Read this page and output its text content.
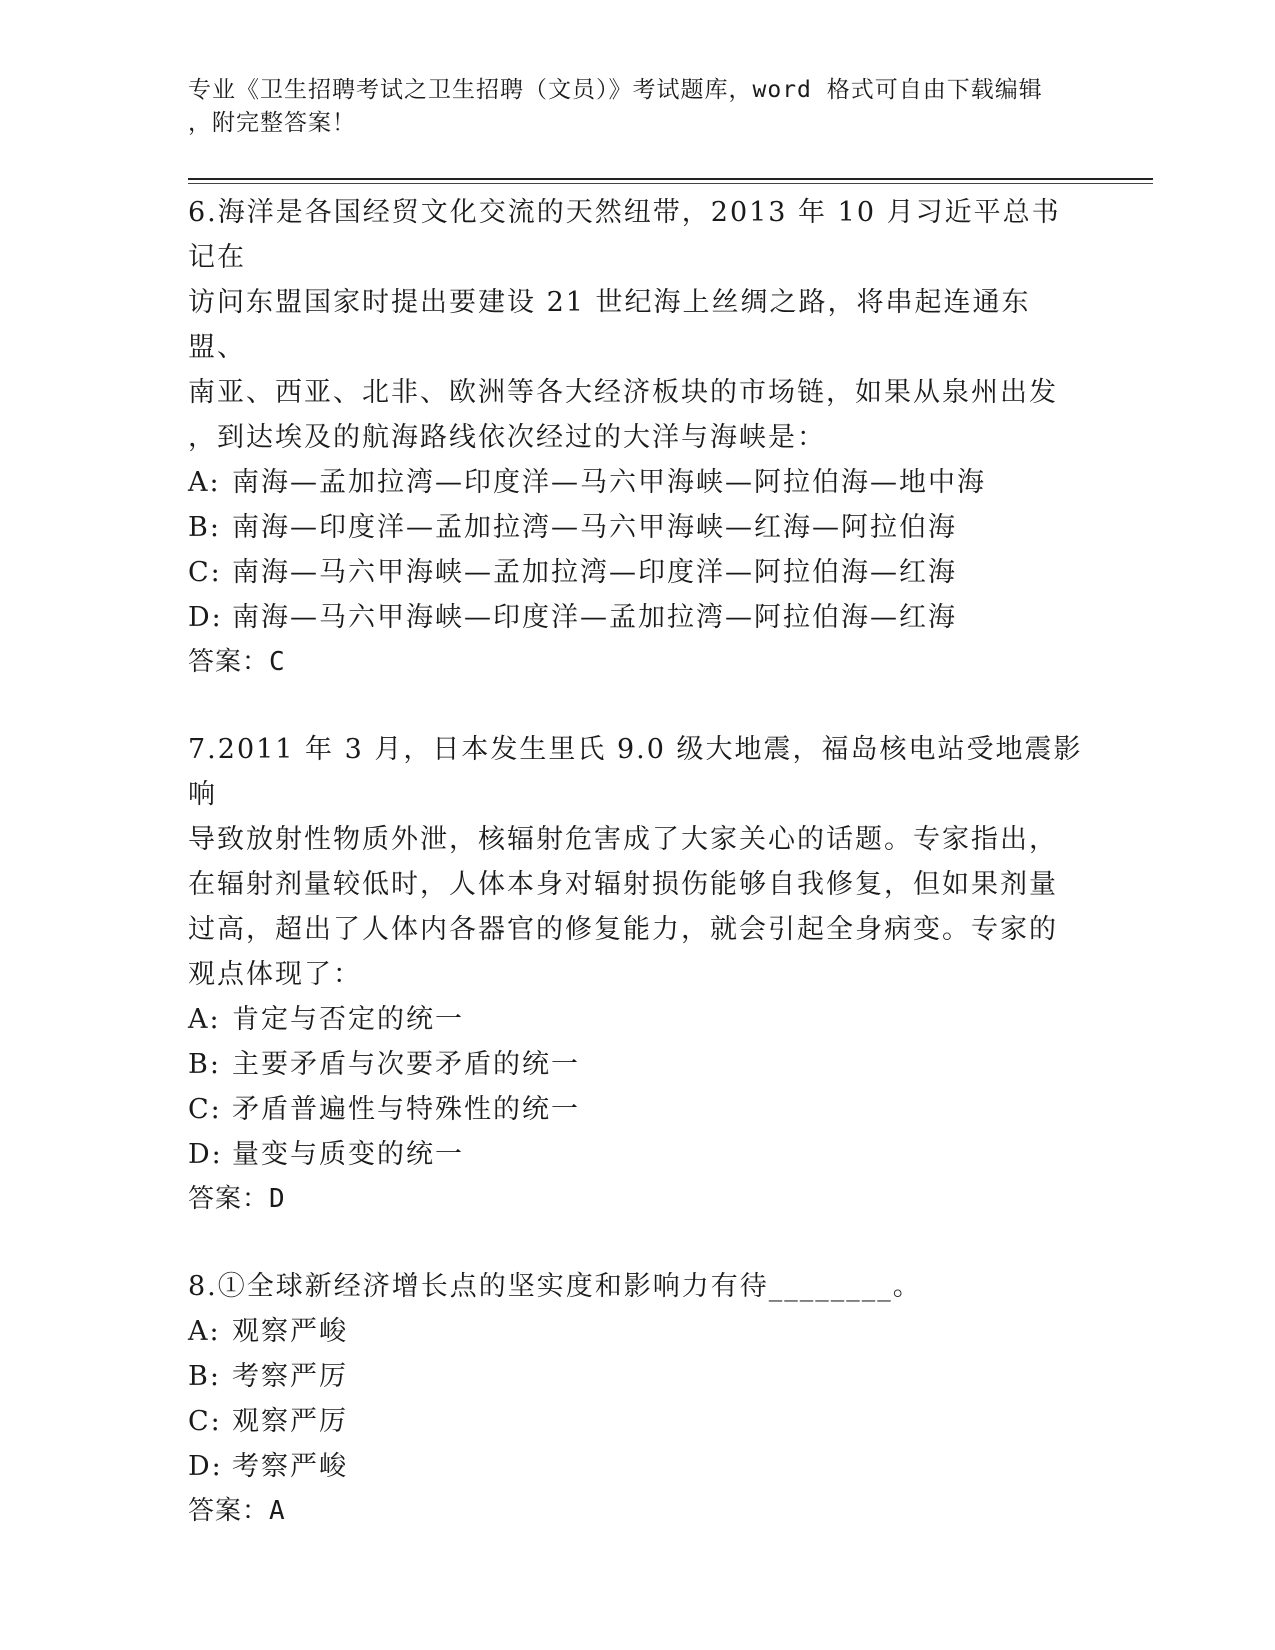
专业《卫生招聘考试之卫生招聘（文员）》考试题库，word 格式可自由下载编辑
，附完整答案！

6.海洋是各国经贸文化交流的天然纽带，2013 年 10 月习近平总书记在

访问东盟国家时提出要建设 21 世纪海上丝绸之路，将串起连通东盟、

南亚、西亚、北非、欧洲等各大经济板块的市场链，如果从泉州出发

，到达埃及的航海路线依次经过的大洋与海峡是：

A: 南海—孟加拉湾—印度洋—马六甲海峡—阿拉伯海—地中海

B: 南海—印度洋—孟加拉湾—马六甲海峡—红海—阿拉伯海

C: 南海—马六甲海峡—孟加拉湾—印度洋—阿拉伯海—红海

D: 南海—马六甲海峡—印度洋—孟加拉湾—阿拉伯海—红海

答案：C

7.2011 年 3 月，日本发生里氏 9.0 级大地震，福岛核电站受地震影响

导致放射性物质外泄，核辐射危害成了大家关心的话题。专家指出，

在辐射剂量较低时，人体本身对辐射损伤能够自我修复，但如果剂量

过高，超出了人体内各器官的修复能力，就会引起全身病变。专家的

观点体现了：

A: 肯定与否定的统一

B: 主要矛盾与次要矛盾的统一

C: 矛盾普遍性与特殊性的统一

D: 量变与质变的统一

答案：D

8.①全球新经济增长点的坚实度和影响力有待________。

A: 观察严峻

B: 考察严厉

C: 观察严厉

D: 考察严峻

答案：A
